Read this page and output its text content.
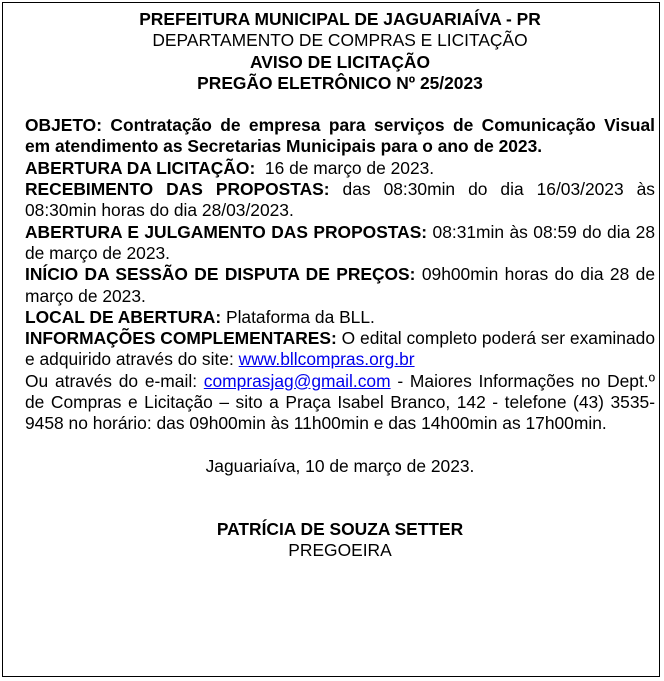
PREFEITURA MUNICIPAL DE JAGUARIAÍVA - PR

DEPARTAMENTO DE COMPRAS E LICITAÇÃO

AVISO DE LICITAÇÃO

PREGÃO ELETRÔNICO Nº 25/2023

OBJETO: Contratação de empresa para serviços de Comunicação Visual em atendimento as Secretarias Municipais para o ano de 2023.

ABERTURA DA LICITAÇÃO: 16 de março de 2023.

RECEBIMENTO DAS PROPOSTAS: das 08:30min do dia 16/03/2023 às 08:30min horas do dia 28/03/2023.

ABERTURA E JULGAMENTO DAS PROPOSTAS: 08:31min às 08:59 do dia 28 de março de 2023.

INÍCIO DA SESSÃO DE DISPUTA DE PREÇOS: 09h00min horas do dia 28 de março de 2023.

LOCAL DE ABERTURA: Plataforma da BLL.

INFORMAÇÕES COMPLEMENTARES: O edital completo poderá ser examinado e adquirido através do site: www.bllcompras.org.br
Ou através do e-mail: comprasjag@gmail.com - Maiores Informações no Dept.º de Compras e Licitação – sito a Praça Isabel Branco, 142 - telefone (43) 3535-9458 no horário: das 09h00min às 11h00min e das 14h00min as 17h00min.

Jaguariaíva, 10 de março de 2023.

PATRÍCIA DE SOUZA SETTER

PREGOEIRA
